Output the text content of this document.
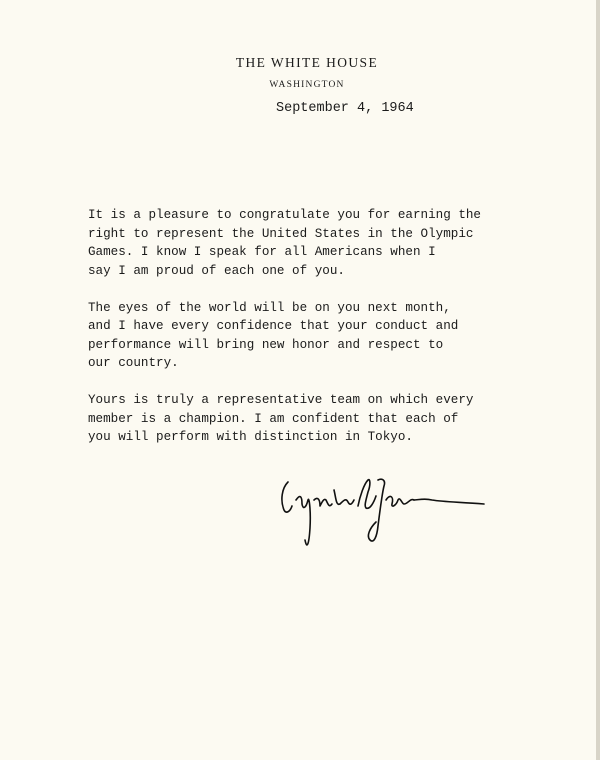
THE WHITE HOUSE
WASHINGTON
September 4, 1964

It is a pleasure to congratulate you for earning the
right to represent the United States in the Olympic
Games. I know I speak for all Americans when I
say I am proud of each one of you.

The eyes of the world will be on you next month,
and I have every confidence that your conduct and
performance will bring new honor and respect to
our country.

Yours is truly a representative team on which every
member is a champion. I am confident that each of
you will perform with distinction in Tokyo.
